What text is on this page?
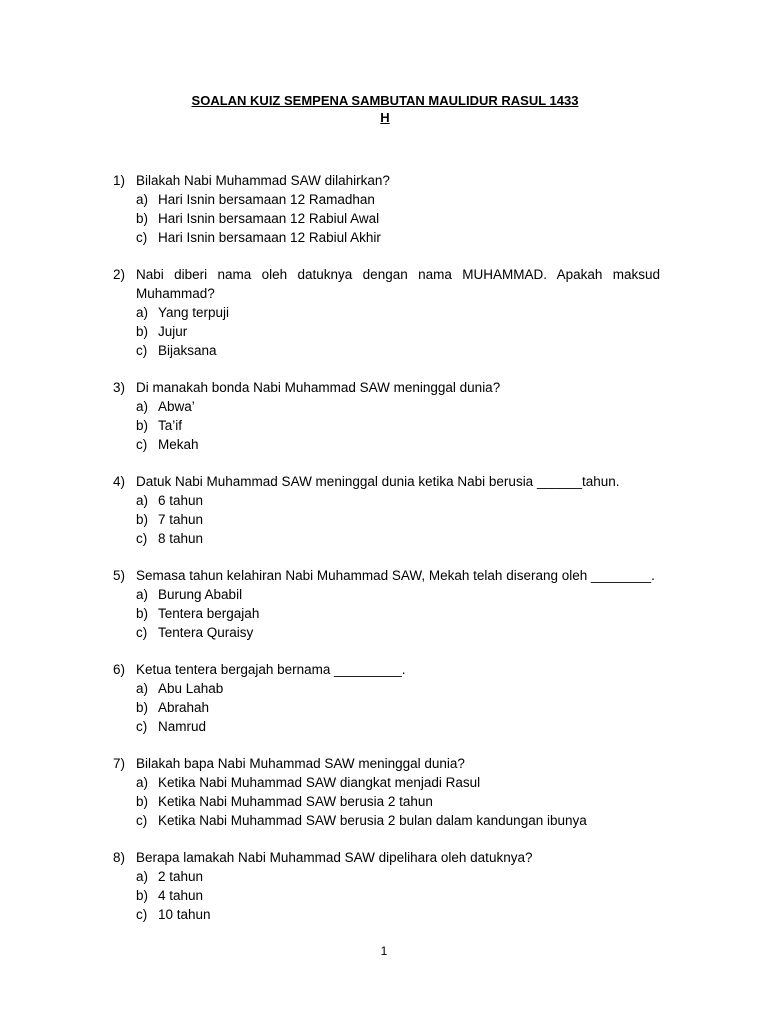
SOALAN KUIZ SEMPENA SAMBUTAN MAULIDUR RASUL 1433
H
1) Bilakah Nabi Muhammad SAW dilahirkan?
a) Hari Isnin bersamaan 12 Ramadhan
b) Hari Isnin bersamaan 12 Rabiul Awal
c) Hari Isnin bersamaan 12 Rabiul Akhir
2) Nabi diberi nama oleh datuknya dengan nama MUHAMMAD. Apakah maksud
Muhammad?
a) Yang terpuji
b) Jujur
c) Bijaksana
3) Di manakah bonda Nabi Muhammad SAW meninggal dunia?
a) Abwa’
b) Ta’if
c) Mekah
4) Datuk Nabi Muhammad SAW meninggal dunia ketika Nabi berusia ______tahun.
a) 6 tahun
b) 7 tahun
c) 8 tahun
5) Semasa tahun kelahiran Nabi Muhammad SAW, Mekah telah diserang oleh ________.
a) Burung Ababil
b) Tentera bergajah
c) Tentera Quraisy
6) Ketua tentera bergajah bernama _________.
a) Abu Lahab
b) Abrahah
c) Namrud
7) Bilakah bapa Nabi Muhammad SAW meninggal dunia?
a) Ketika Nabi Muhammad SAW diangkat menjadi Rasul
b) Ketika Nabi Muhammad SAW berusia 2 tahun
c) Ketika Nabi Muhammad SAW berusia 2 bulan dalam kandungan ibunya
8) Berapa lamakah Nabi Muhammad SAW dipelihara oleh datuknya?
a) 2 tahun
b) 4 tahun
c) 10 tahun
1
